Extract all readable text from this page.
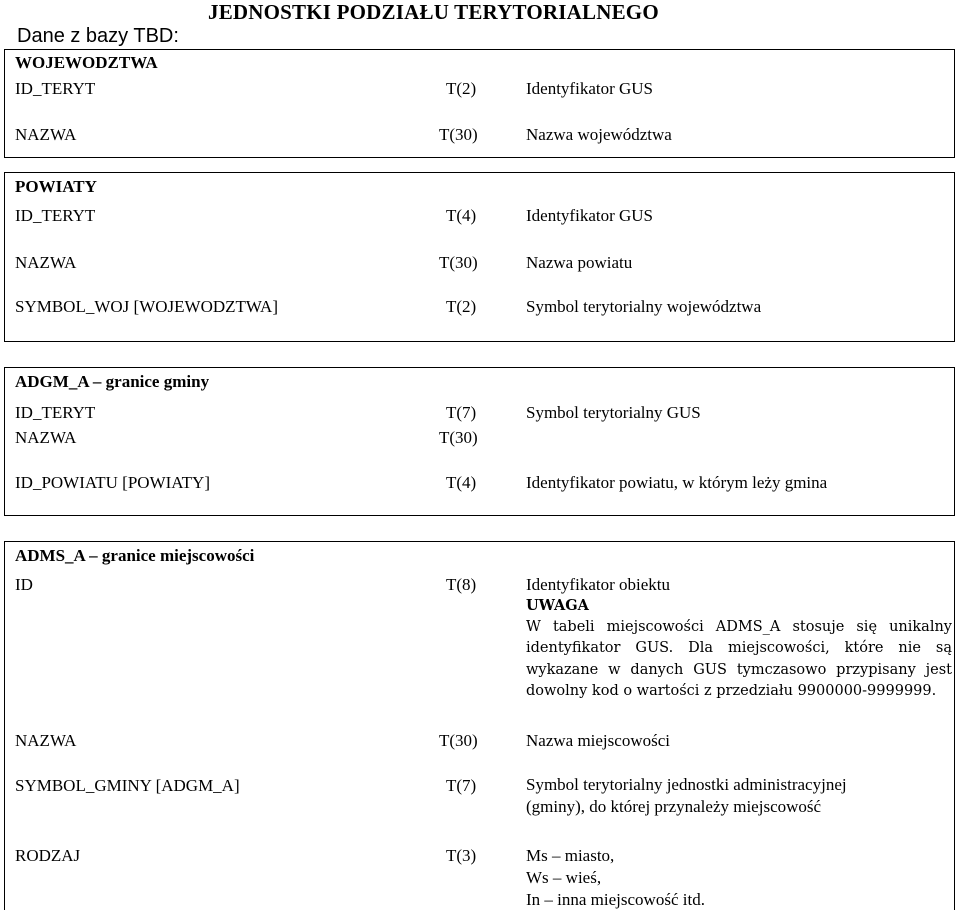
JEDNOSTKI PODZIAŁU TERYTORIALNEGO
Dane z bazy TBD:
WOJEWODZTWA
ID_TERYT	T(2)	Identyfikator GUS
NAZWA	T(30)	Nazwa województwa
POWIATY
ID_TERYT	T(4)	Identyfikator GUS
NAZWA	T(30)	Nazwa powiatu
SYMBOL_WOJ [WOJEWODZTWA]	T(2)	Symbol terytorialny województwa
ADGM_A – granice gminy
ID_TERYT	T(7)	Symbol terytorialny GUS
NAZWA	T(30)
ID_POWIATU [POWIATY]	T(4)	Identyfikator powiatu, w którym leży gmina
ADMS_A – granice miejscowości
ID	T(8)	Identyfikator obiektu
UWAGA
W tabeli miejscowości ADMS_A stosuje się unikalny identyfikator GUS. Dla miejscowości, które nie są wykazane w danych GUS tymczasowo przypisany jest dowolny kod o wartości z przedziału 9900000-9999999.
NAZWA	T(30)	Nazwa miejscowości
SYMBOL_GMINY [ADGM_A]	T(7)	Symbol terytorialny jednostki administracyjnej
(gminy), do której przynależy miejscowość
RODZAJ	T(3)	Ms – miasto,
Ws – wieś,
In – inna miejscowość itd.
